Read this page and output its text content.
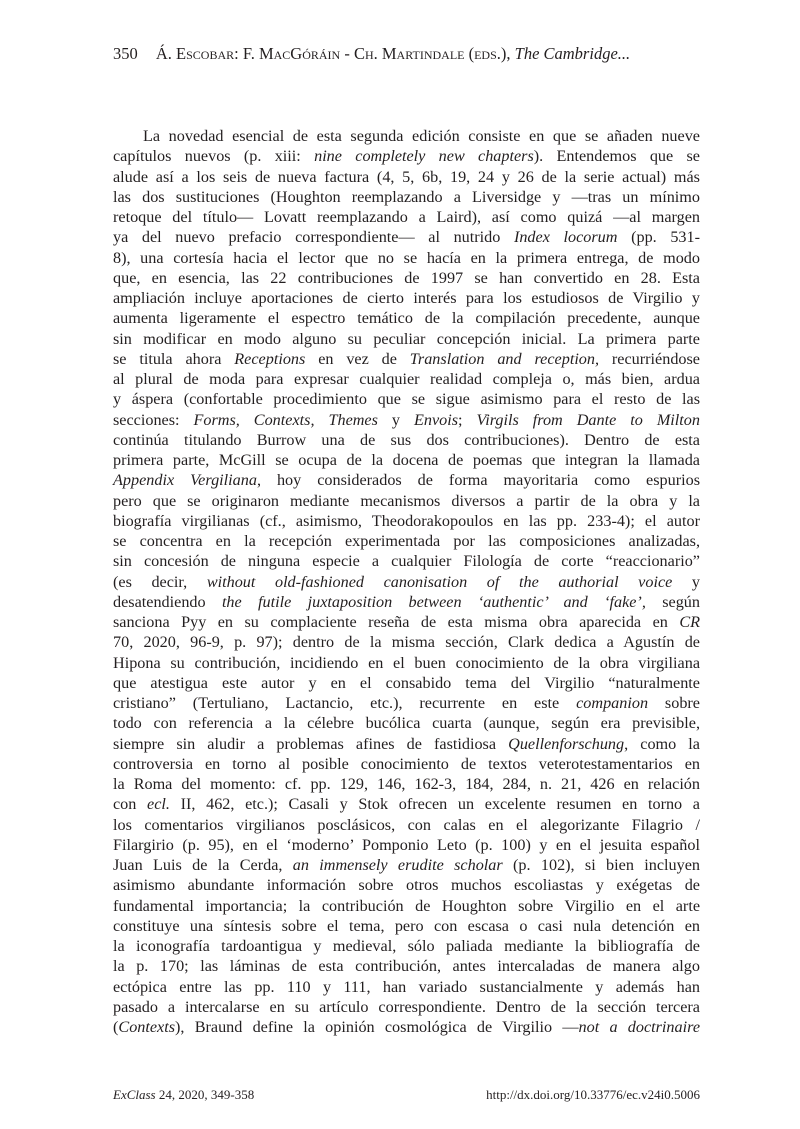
350 Á. Escobar: F. MacGóráin - Ch. Martindale (eds.), The Cambridge...
La novedad esencial de esta segunda edición consiste en que se añaden nueve
capítulos nuevos (p. xiii: nine completely new chapters). Entendemos que se
alude así a los seis de nueva factura (4, 5, 6b, 19, 24 y 26 de la serie actual) más
las dos sustituciones (Houghton reemplazando a Liversidge y —tras un mínimo
retoque del título— Lovatt reemplazando a Laird), así como quizá —al margen
ya del nuevo prefacio correspondiente— al nutrido Index locorum (pp. 531-
8), una cortesía hacia el lector que no se hacía en la primera entrega, de modo
que, en esencia, las 22 contribuciones de 1997 se han convertido en 28. Esta
ampliación incluye aportaciones de cierto interés para los estudiosos de Virgilio y
aumenta ligeramente el espectro temático de la compilación precedente, aunque
sin modificar en modo alguno su peculiar concepción inicial. La primera parte
se titula ahora Receptions en vez de Translation and reception, recurriéndose
al plural de moda para expresar cualquier realidad compleja o, más bien, ardua
y áspera (confortable procedimiento que se sigue asimismo para el resto de las
secciones: Forms, Contexts, Themes y Envois; Virgils from Dante to Milton
continúa titulando Burrow una de sus dos contribuciones). Dentro de esta
primera parte, McGill se ocupa de la docena de poemas que integran la llamada
Appendix Vergiliana, hoy considerados de forma mayoritaria como espurios
pero que se originaron mediante mecanismos diversos a partir de la obra y la
biografía virgilianas (cf., asimismo, Theodorakopoulos en las pp. 233-4); el autor
se concentra en la recepción experimentada por las composiciones analizadas,
sin concesión de ninguna especie a cualquier Filología de corte “reaccionario”
(es decir, without old-fashioned canonisation of the authorial voice y
desatendiendo the futile juxtaposition between ‘authentic’ and ‘fake’, según
sanciona Pyy en su complaciente reseña de esta misma obra aparecida en CR
70, 2020, 96-9, p. 97); dentro de la misma sección, Clark dedica a Agustín de
Hipona su contribución, incidiendo en el buen conocimiento de la obra virgiliana
que atestigua este autor y en el consabido tema del Virgilio “naturalmente
cristiano” (Tertuliano, Lactancio, etc.), recurrente en este companion sobre
todo con referencia a la célebre bucólica cuarta (aunque, según era previsible,
siempre sin aludir a problemas afines de fastidiosa Quellenforschung, como la
controversia en torno al posible conocimiento de textos veterotestamentarios en
la Roma del momento: cf. pp. 129, 146, 162-3, 184, 284, n. 21, 426 en relación
con ecl. II, 462, etc.); Casali y Stok ofrecen un excelente resumen en torno a
los comentarios virgilianos posclásicos, con calas en el alegorizante Filagrio /
Filargirio (p. 95), en el ‘moderno’ Pomponio Leto (p. 100) y en el jesuita español
Juan Luis de la Cerda, an immensely erudite scholar (p. 102), si bien incluyen
asimismo abundante información sobre otros muchos escoliastas y exégetas de
fundamental importancia; la contribución de Houghton sobre Virgilio en el arte
constituye una síntesis sobre el tema, pero con escasa o casi nula detención en
la iconografía tardoantigua y medieval, sólo paliada mediante la bibliografía de
la p. 170; las láminas de esta contribución, antes intercaladas de manera algo
ectópica entre las pp. 110 y 111, han variado sustancialmente y además han
pasado a intercalarse en su artículo correspondiente. Dentro de la sección tercera
(Contexts), Braund define la opinión cosmológica de Virgilio —not a doctrinaire
ExClass 24, 2020, 349-358	http://dx.doi.org/10.33776/ec.v24i0.5006
